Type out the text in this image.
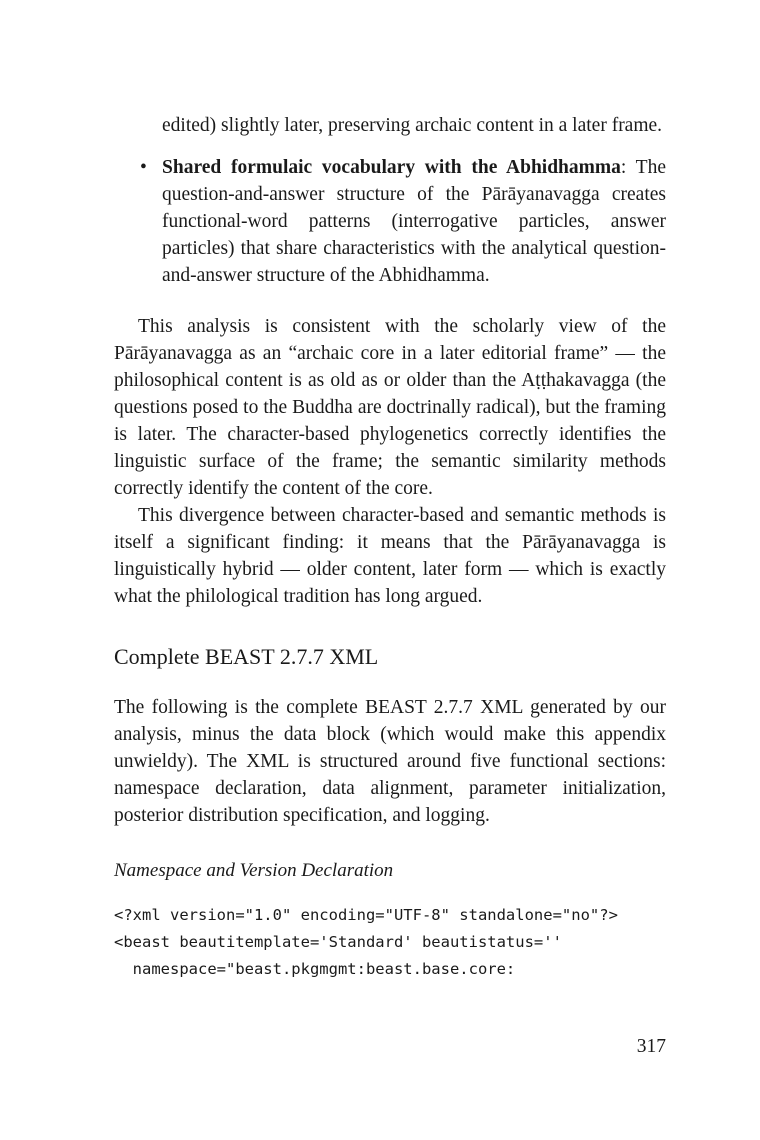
edited) slightly later, preserving archaic content in a later frame.

• Shared formulaic vocabulary with the Abhidhamma: The question-and-answer structure of the Pārāyanavagga creates functional-word patterns (interrogative particles, answer particles) that share characteristics with the analytical question-and-answer structure of the Abhidhamma.

This analysis is consistent with the scholarly view of the Pārāyanavagga as an “archaic core in a later editorial frame” — the philosophical content is as old as or older than the Aṭṭhakavagga (the questions posed to the Buddha are doctrinally radical), but the framing is later. The character-based phylogenetics correctly identifies the linguistic surface of the frame; the semantic similarity methods correctly identify the content of the core.

This divergence between character-based and semantic methods is itself a significant finding: it means that the Pārāyanavagga is linguistically hybrid — older content, later form — which is exactly what the philological tradition has long argued.

Complete BEAST 2.7.7 XML

The following is the complete BEAST 2.7.7 XML generated by our analysis, minus the data block (which would make this appendix unwieldy). The XML is structured around five functional sections: namespace declaration, data alignment, parameter initialization, posterior distribution specification, and logging.

Namespace and Version Declaration
<?xml version="1.0" encoding="UTF-8" standalone="no"?>
<beast beautitemplate='Standard' beautistatus=''
namespace="beast.pkgmgmt:beast.base.core:
317
